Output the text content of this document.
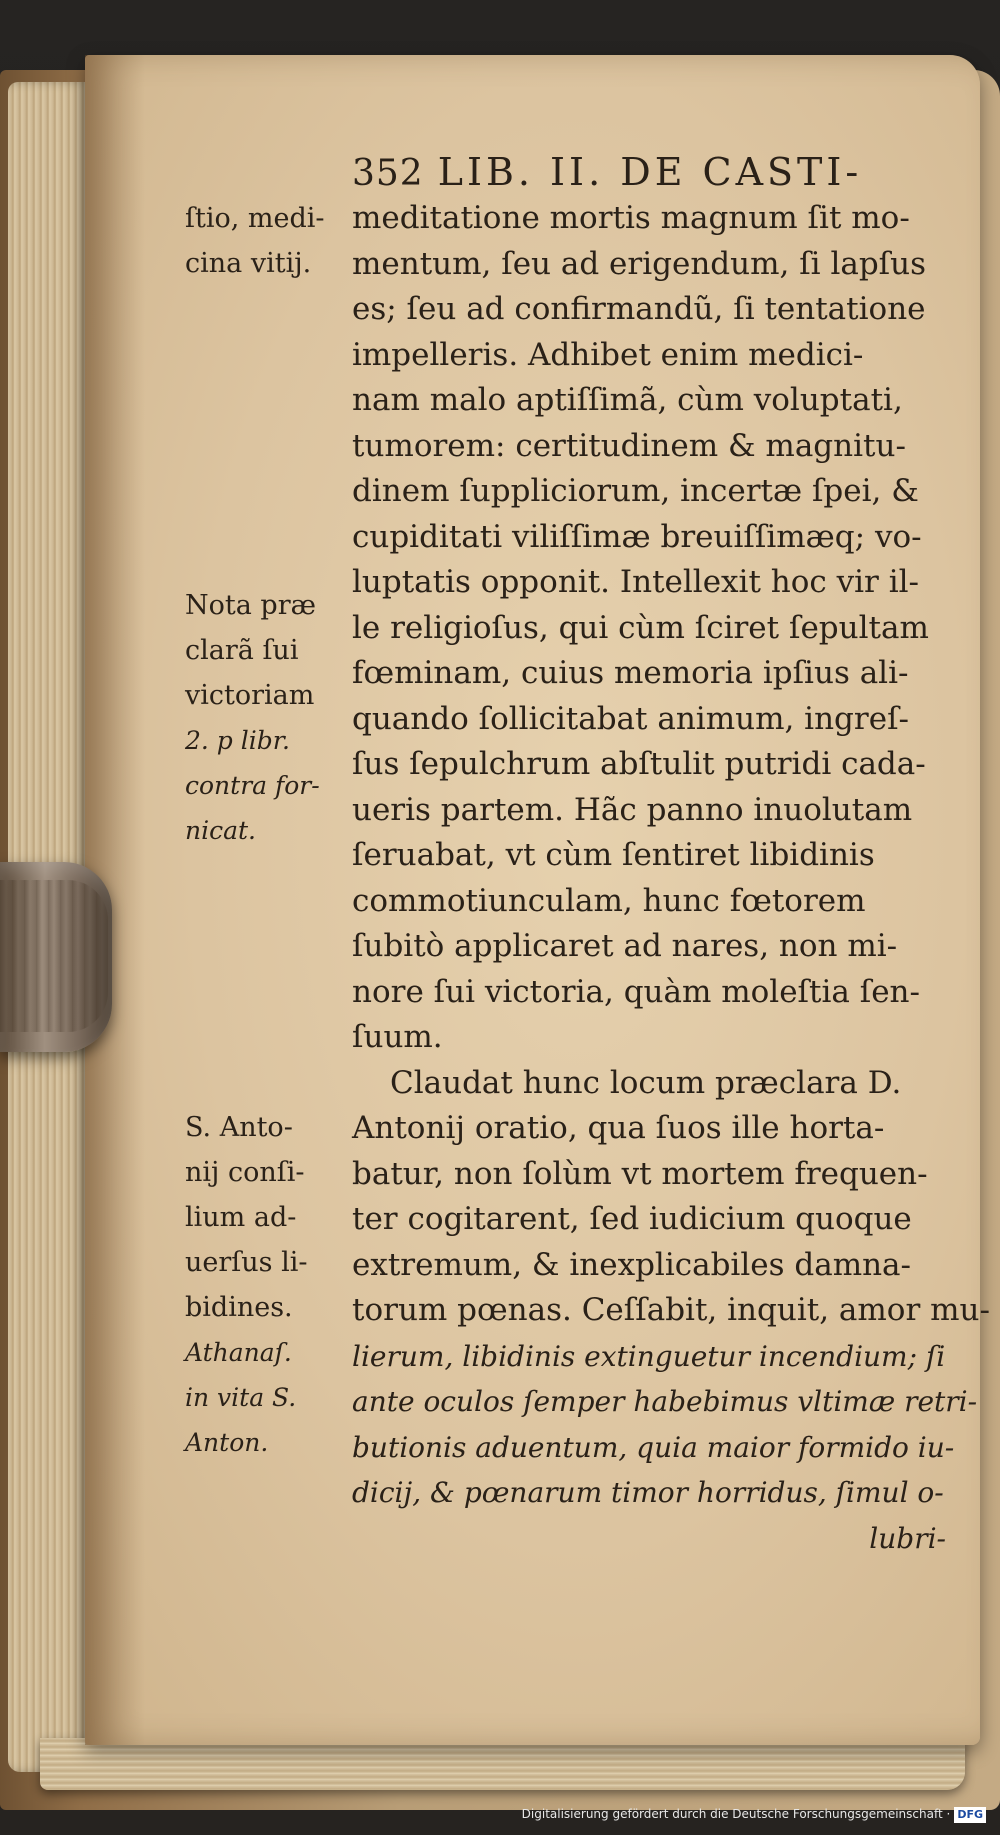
352 LIB. II. DE CASTI-
meditatione mortis magnum ſit mo-
mentum, ſeu ad erigendum, ſi lapſus
es; ſeu ad confirmandũ, ſi tentatione
impelleris. Adhibet enim medici-
nam malo aptiſſimã, cùm voluptati,
tumorem: certitudinem & magnitu-
dinem ſuppliciorum, incertæ ſpei, &
cupiditati viliſſimæ breuiſſimæq; vo-
luptatis opponit. Intellexit hoc vir il-
le religioſus, qui cùm ſciret ſepultam
fœminam, cuius memoria ipſius ali-
quando ſollicitabat animum, ingreſ-
ſus ſepulchrum abſtulit putridi cada-
ueris partem. Hãc panno inuolutam
ſeruabat, vt cùm ſentiret libidinis
commotiunculam, hunc fœtorem
ſubitò applicaret ad nares, non mi-
nore ſui victoria, quàm moleſtia ſen-
ſuum.
Claudat hunc locum præclara D.
Antonij oratio, qua ſuos ille horta-
batur, non ſolùm vt mortem frequen-
ter cogitarent, ſed iudicium quoque
extremum, & inexplicabiles damna-
torum pœnas. Ceſſabit, inquit, amor mu-
lierum, libidinis extinguetur incendium; ſi
ante oculos ſemper habebimus vltimæ retri-
butionis aduentum, quia maior formido iu-
dicij, & pœnarum timor horridus, ſimul o-
lubri-
ſtio, medi-
cina vitij.
Nota præ
clarã ſui
victoriam
2. p libr.
contra for-
nicat.
S. Anto-
nij conſi-
lium ad-
uerſus li-
bidines.
Athanaſ.
in vita S.
Anton.
Digitalisierung gefördert durch die Deutsche Forschungsgemeinschaft · DFG
